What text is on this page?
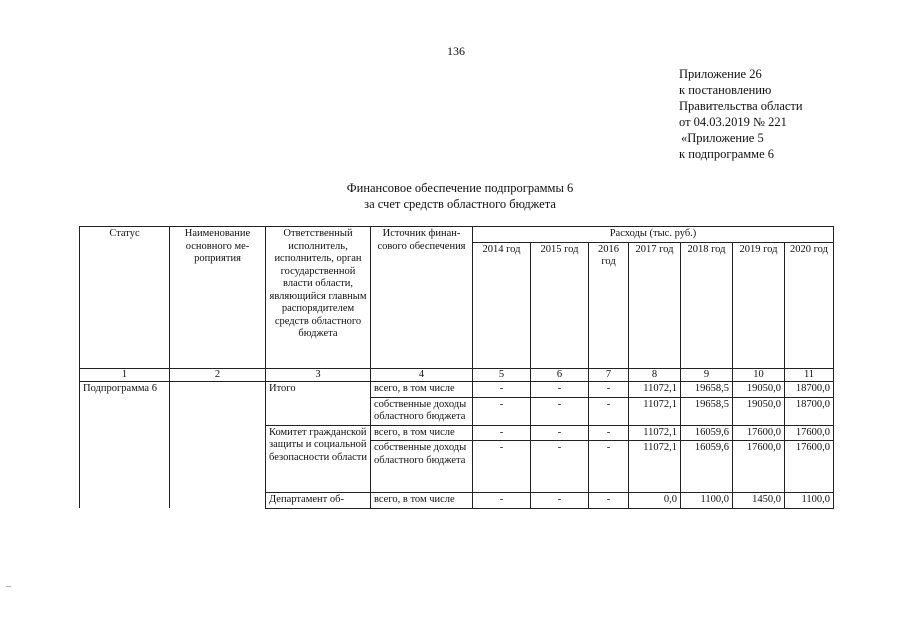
136
Приложение 26
к постановлению
Правительства области
от 04.03.2019 № 221
«Приложение 5
к подпрограмме 6
Финансовое обеспечение подпрограммы 6
за счет средств областного бюджета
Статус	Наименование основного мероприятия	Ответственный исполнитель, исполнитель, орган государственной власти области, являющийся главным распорядителем средств областного бюджета	Источник финансового обеспечения	Расходы (тыс. руб.)						
				2014 год	2015 год	2016 год	2017 год	2018 год	2019 год	2020 год
1	2	3	4	5	6	7	8	9	10	11
Подпрограмма 6		Итого	всего, в том числе	-	-	-	11072,1	19658,5	19050,0	18700,0
			собственные доходы областного бюджета	-	-	-	11072,1	19658,5	19050,0	18700,0
		Комитет гражданской защиты и социальной безопасности области	всего, в том числе	-	-	-	11072,1	16059,6	17600,0	17600,0
			собственные доходы областного бюджета	-	-	-	11072,1	16059,6	17600,0	17600,0
		Департамент об-	всего, в том числе	-	-	-	0,0	1100,0	1450,0	1100,0
_
